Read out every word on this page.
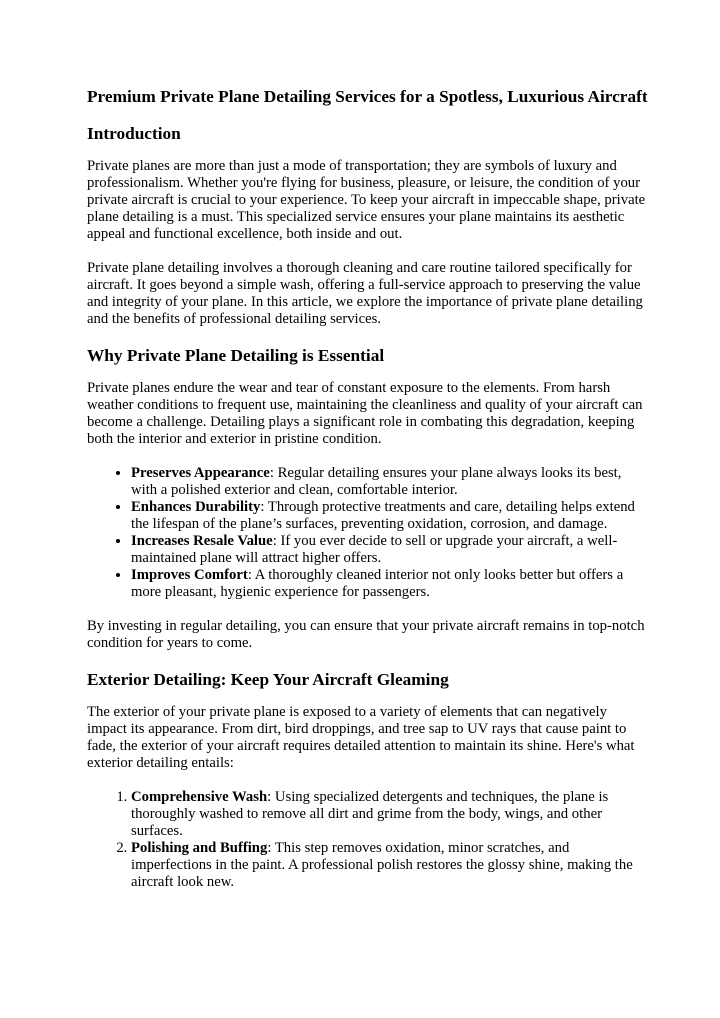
Premium Private Plane Detailing Services for a Spotless, Luxurious Aircraft
Introduction

Private planes are more than just a mode of transportation; they are symbols of luxury and professionalism. Whether you're flying for business, pleasure, or leisure, the condition of your private aircraft is crucial to your experience. To keep your aircraft in impeccable shape, private plane detailing is a must. This specialized service ensures your plane maintains its aesthetic appeal and functional excellence, both inside and out.

Private plane detailing involves a thorough cleaning and care routine tailored specifically for aircraft. It goes beyond a simple wash, offering a full-service approach to preserving the value and integrity of your plane. In this article, we explore the importance of private plane detailing and the benefits of professional detailing services.

Why Private Plane Detailing is Essential

Private planes endure the wear and tear of constant exposure to the elements. From harsh weather conditions to frequent use, maintaining the cleanliness and quality of your aircraft can become a challenge. Detailing plays a significant role in combating this degradation, keeping both the interior and exterior in pristine condition.

• Preserves Appearance: Regular detailing ensures your plane always looks its best, with a polished exterior and clean, comfortable interior.
• Enhances Durability: Through protective treatments and care, detailing helps extend the lifespan of the plane’s surfaces, preventing oxidation, corrosion, and damage.
• Increases Resale Value: If you ever decide to sell or upgrade your aircraft, a well-maintained plane will attract higher offers.
• Improves Comfort: A thoroughly cleaned interior not only looks better but offers a more pleasant, hygienic experience for passengers.

By investing in regular detailing, you can ensure that your private aircraft remains in top-notch condition for years to come.

Exterior Detailing: Keep Your Aircraft Gleaming

The exterior of your private plane is exposed to a variety of elements that can negatively impact its appearance. From dirt, bird droppings, and tree sap to UV rays that cause paint to fade, the exterior of your aircraft requires detailed attention to maintain its shine. Here's what exterior detailing entails:

1. Comprehensive Wash: Using specialized detergents and techniques, the plane is thoroughly washed to remove all dirt and grime from the body, wings, and other surfaces.
2. Polishing and Buffing: This step removes oxidation, minor scratches, and imperfections in the paint. A professional polish restores the glossy shine, making the aircraft look new.
